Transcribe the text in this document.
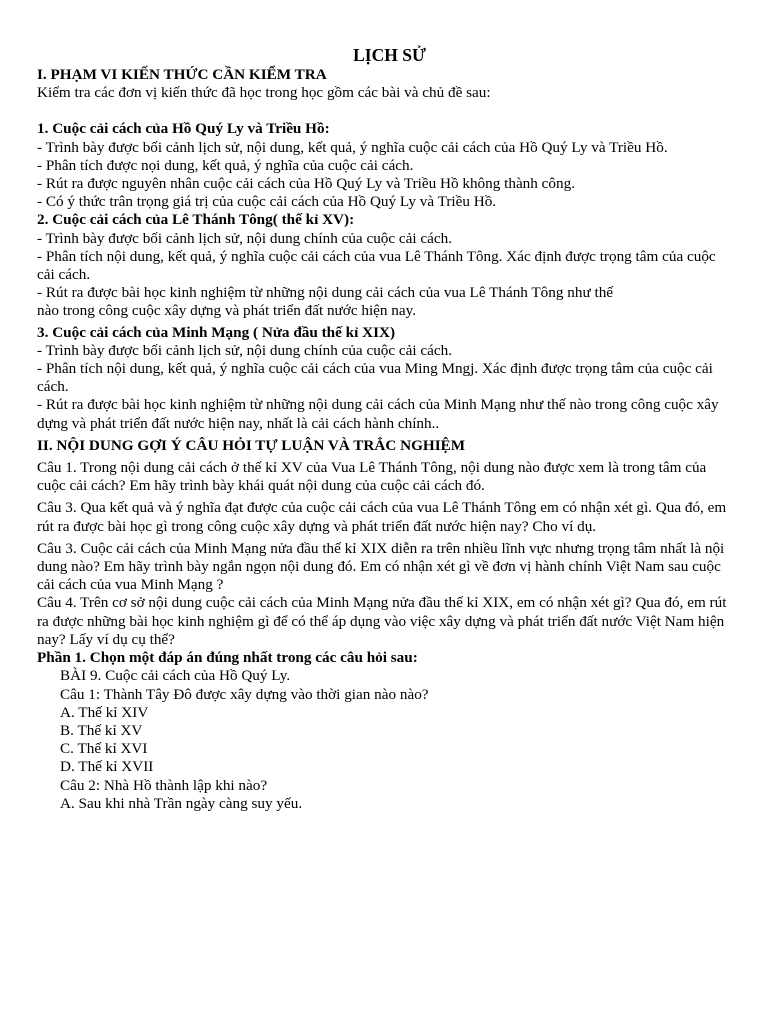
LỊCH SỬ

I. PHẠM VI KIẾN THỨC CẦN KIỂM TRA

Kiểm tra các đơn vị kiến thức đã học trong học gồm các bài và chủ đề sau:

1. Cuộc cải cách của Hồ Quý Ly và Triều Hồ:

- Trình bày được bối cảnh lịch sử, nội dung, kết quả, ý nghĩa cuộc cải cách của Hồ Quý Ly và Triều Hồ.

- Phân tích được nọi dung, kết quả, ý nghĩa của cuộc cải cách.

- Rút ra được nguyên nhân cuộc cải cách của Hồ Quý Ly và Triều Hồ không thành công.

- Có ý thức trân trọng giá trị của cuộc cải cách của Hồ Quý Ly và Triều Hồ.

2. Cuộc cải cách của Lê Thánh Tông( thế kỉ XV):

- Trình bày được bối cảnh lịch sử, nội dung chính của cuộc cải cách.

- Phân tích nội dung, kết quả, ý nghĩa cuộc cải cách của vua Lê Thánh Tông. Xác định được trọng tâm của cuộc cải cách.

- Rút ra được bài học kinh nghiệm từ những nội dung cải cách của vua Lê Thánh Tông như thế

nào trong công cuộc xây dựng và phát triển đất nước hiện nay.

3. Cuộc cải cách của Minh Mạng ( Nửa đầu thế kỉ XIX)

- Trình bày được bối cảnh lịch sử, nội dung chính của cuộc cải cách.

- Phân tích nội dung, kết quả, ý nghĩa cuộc cải cách của vua Ming Mngj. Xác định được trọng tâm của cuộc cải cách.

- Rút ra được bài học kinh nghiệm từ những nội dung cải cách của Minh Mạng như thế nào trong công cuộc xây dựng và phát triển đất nước hiện nay, nhất là cải cách hành chính..

II. NỘI DUNG GỢI Ý CÂU HỎI TỰ LUẬN VÀ TRẮC NGHIỆM

Câu 1. Trong nội dung cải cách ở thế kỉ XV của Vua Lê Thánh Tông, nội dung nào được xem là trong tâm của cuộc cải cách? Em hãy trình bày khái quát nội dung của cuộc cải cách đó.

Câu 3. Qua kết quả và ý nghĩa đạt được của cuộc cải cách của vua Lê Thánh Tông em có nhận xét gì. Qua đó, em rút ra được bài học gì trong công cuộc xây dựng và phát triển đất nước hiện nay? Cho ví dụ.

Câu 3. Cuộc cải cách của Minh Mạng nửa đầu thế kỉ XIX diễn ra trên nhiều lĩnh vực nhưng trọng tâm nhất là nội dung nào? Em hãy trình bày ngắn ngọn nội dung đó. Em có nhận xét gì về đơn vị hành chính Việt Nam sau cuộc cải cách của vua Minh Mạng ?

Câu 4. Trên cơ sở nội dung cuộc cải cách của Minh Mạng nửa đầu thế kỉ XIX, em có nhận xét gì? Qua đó, em rút ra được những bài học kinh nghiệm gì để có thể áp dụng vào việc xây dựng và phát triển đất nước Việt Nam hiện nay? Lấy ví dụ cụ thể?

Phần 1. Chọn một đáp án đúng nhất trong các câu hỏi sau:

BÀI 9. Cuộc cải cách của Hồ Quý Ly.

Câu 1: Thành Tây Đô được xây dựng vào thời gian nào nào?

A. Thế kỉ XIV

B. Thế kỉ XV

C. Thế kỉ XVI

D. Thế kỉ XVII

Câu 2: Nhà Hồ thành lập khi nào?

A. Sau khi nhà Trần ngày càng suy yếu.
